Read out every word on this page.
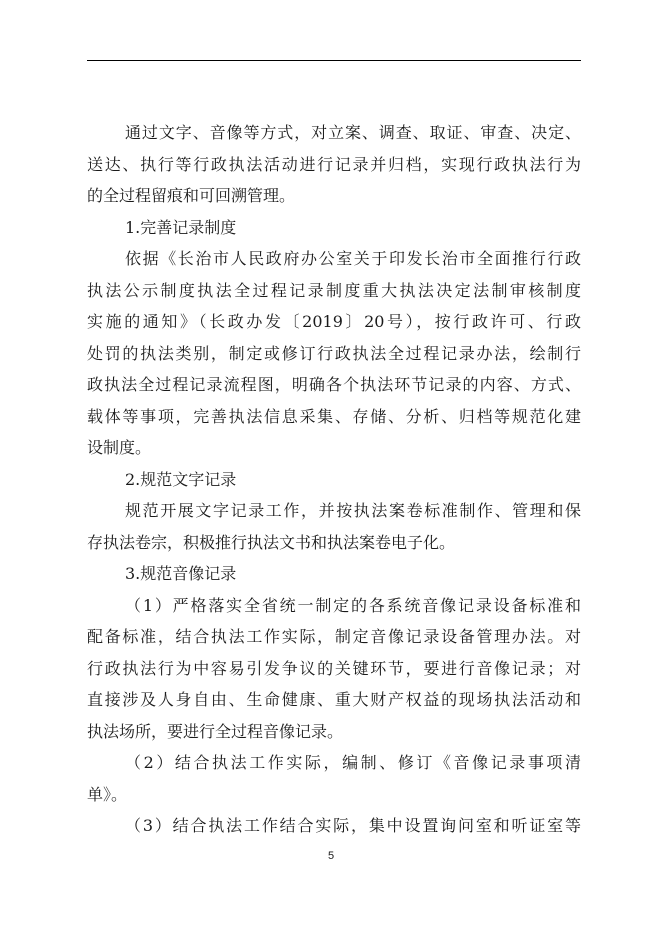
通过文字、音像等方式，对立案、调查、取证、审查、决定、
送达、执行等行政执法活动进行记录并归档，实现行政执法行为
的全过程留痕和可回溯管理。
1.完善记录制度
依据《长治市人民政府办公室关于印发长治市全面推行行政
执法公示制度执法全过程记录制度重大执法决定法制审核制度
实施的通知》（长政办发〔2019〕20号），按行政许可、行政
处罚的执法类别，制定或修订行政执法全过程记录办法，绘制行
政执法全过程记录流程图，明确各个执法环节记录的内容、方式、
载体等事项，完善执法信息采集、存储、分析、归档等规范化建
设制度。
2.规范文字记录
规范开展文字记录工作，并按执法案卷标准制作、管理和保
存执法卷宗，积极推行执法文书和执法案卷电子化。
3.规范音像记录
（1）严格落实全省统一制定的各系统音像记录设备标准和
配备标准，结合执法工作实际，制定音像记录设备管理办法。对
行政执法行为中容易引发争议的关键环节，要进行音像记录；对
直接涉及人身自由、生命健康、重大财产权益的现场执法活动和
执法场所，要进行全过程音像记录。
（2）结合执法工作实际，编制、修订《音像记录事项清
单》。
（3）结合执法工作结合实际，集中设置询问室和听证室等
5
